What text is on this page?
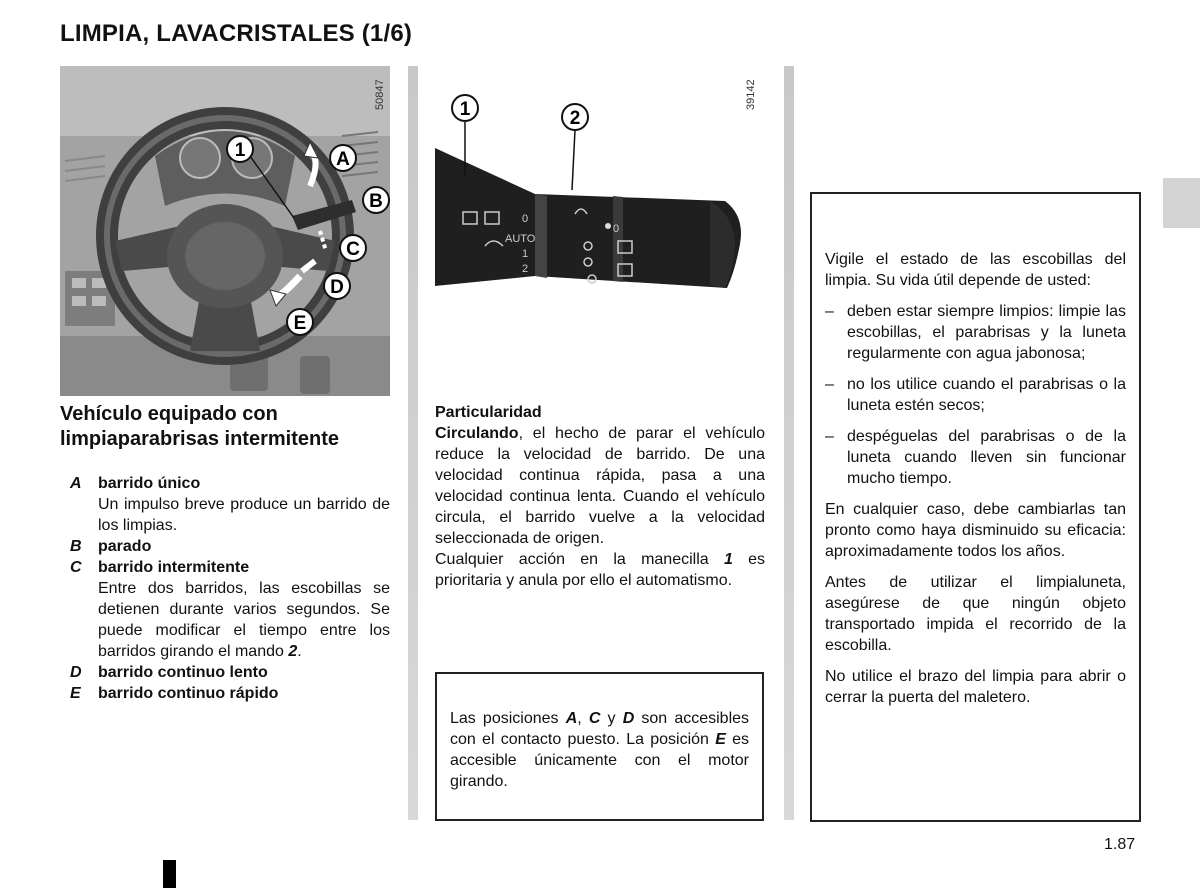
LIMPIA, LAVACRISTALES (1/6)
1	A
B
C
D
E
50847
0
AUTO
1
2
0
1	2
39142
Vehículo equipado con
limpiaparabrisas intermitente
A	barrido único
Un impulso breve produce un barrido de los limpias.
B	parado
C	barrido intermitente
Entre dos barridos, las escobillas se detienen durante varios segundos. Se puede modificar el tiempo entre los barridos girando el mando 2.
D	barrido continuo lento
E	barrido continuo rápido
Particularidad
Circulando, el hecho de parar el vehículo reduce la velocidad de barrido. De una velocidad continua rápida, pasa a una velocidad continua lenta. Cuando el vehículo circula, el barrido vuelve a la velocidad seleccionada de origen.
Cualquier acción en la manecilla 1 es prioritaria y anula por ello el automatismo.

Las posiciones A, C y D son accesibles con el contacto puesto. La posición E es accesible únicamente con el motor girando.

Vigile el estado de las escobillas del limpia. Su vida útil depende de usted:

– deben estar siempre limpios: limpie las escobillas, el parabrisas y la luneta regularmente con agua jabonosa;
– no los utilice cuando el parabrisas o la luneta estén secos;
– despéguelas del parabrisas o de la luneta cuando lleven sin funcionar mucho tiempo.

En cualquier caso, debe cambiarlas tan pronto como haya disminuido su eficacia: aproximadamente todos los años.

Antes de utilizar el limpialuneta, asegúrese de que ningún objeto transportado impida el recorrido de la escobilla.

No utilice el brazo del limpia para abrir o cerrar la puerta del maletero.

1.87
